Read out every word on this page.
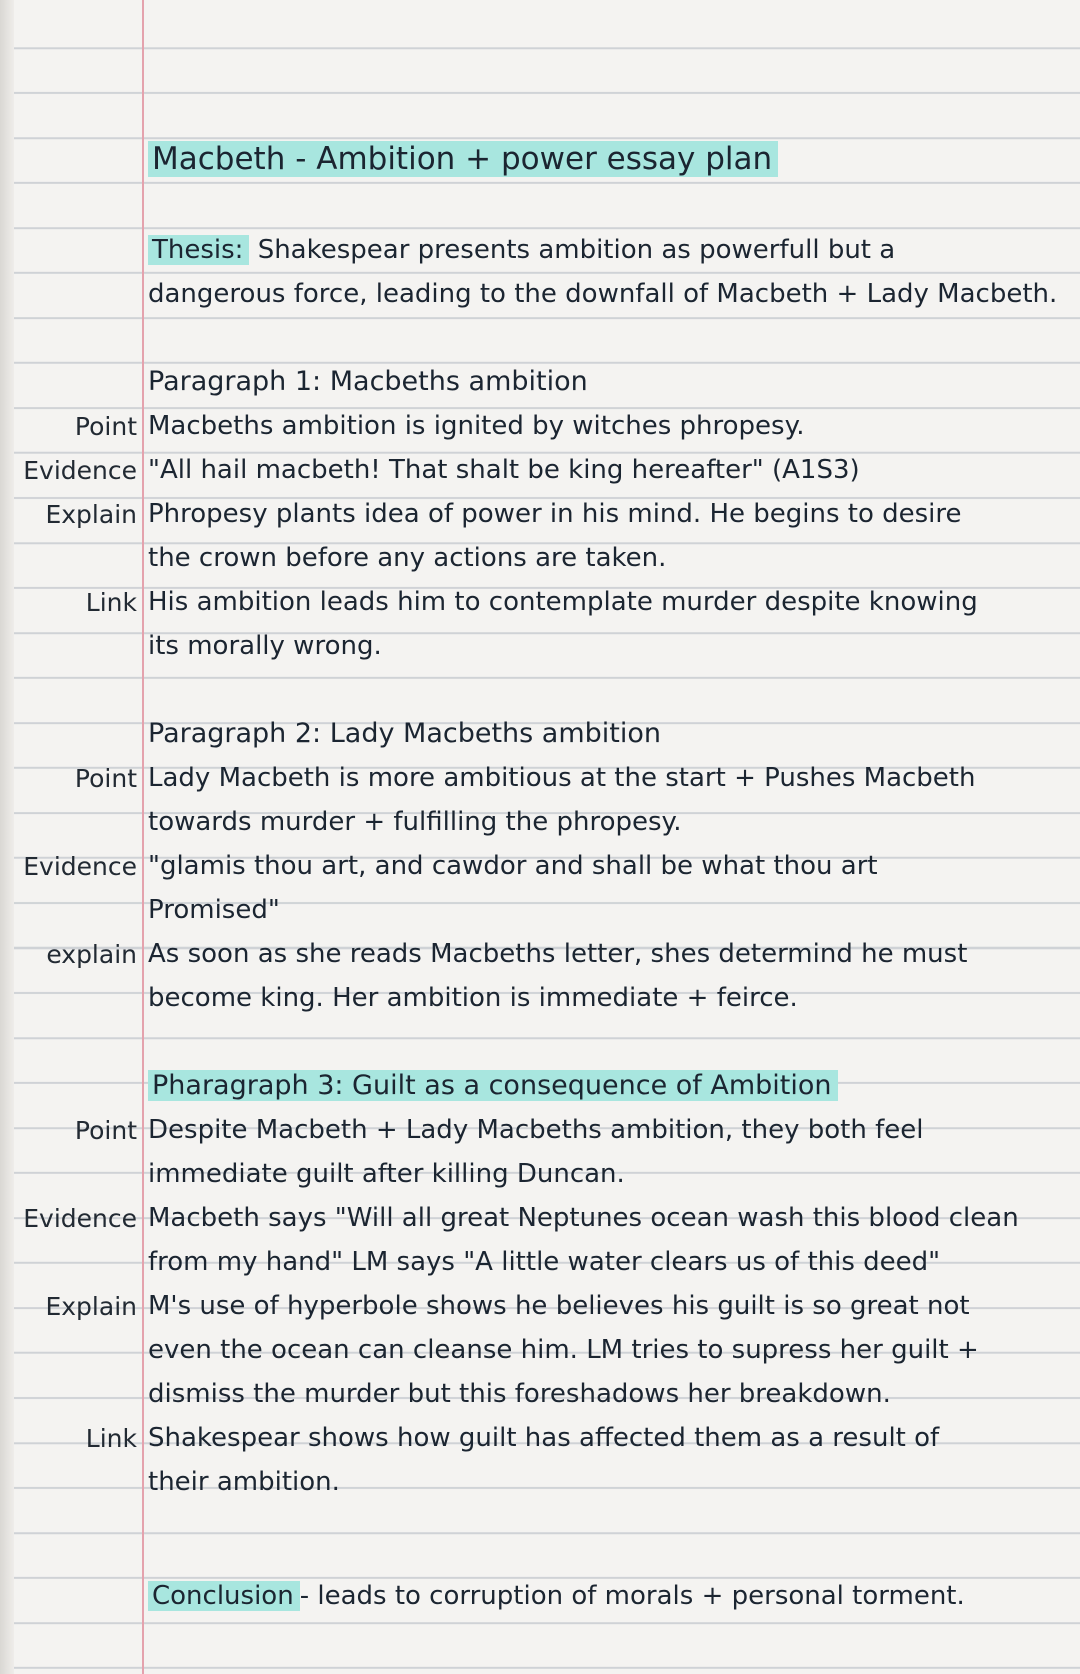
Macbeth - Ambition + power essay plan
Thesis: Shakespear presents ambition as powerfull but a
dangerous force, leading to the downfall of Macbeth + Lady Macbeth.
Paragraph 1: Macbeths ambition
Point Macbeths ambition is ignited by witches phropesy.
Evidence "All hail macbeth! That shalt be king hereafter" (A1S3)
Explain Phropesy plants idea of power in his mind. He begins to desire
the crown before any actions are taken.
Link His ambition leads him to contemplate murder despite knowing
its morally wrong.
Paragraph 2: Lady Macbeths ambition
Point Lady Macbeth is more ambitious at the start + Pushes Macbeth
towards murder + fulfilling the phropesy.
Evidence "glamis thou art, and cawdor and shall be what thou art
Promised"
explain As soon as she reads Macbeths letter, shes determind he must
become king. Her ambition is immediate + feirce.
Pharagraph 3: Guilt as a consequence of Ambition
Point Despite Macbeth + Lady Macbeths ambition, they both feel
immediate guilt after killing Duncan.
Evidence Macbeth says "Will all great Neptunes ocean wash this blood clean
from my hand" LM says "A little water clears us of this deed"
Explain M's use of hyperbole shows he believes his guilt is so great not
even the ocean can cleanse him. LM tries to supress her guilt +
dismiss the murder but this foreshadows her breakdown.
Link Shakespear shows how guilt has affected them as a result of
their ambition.
Conclusion - leads to corruption of morals + personal torment.
